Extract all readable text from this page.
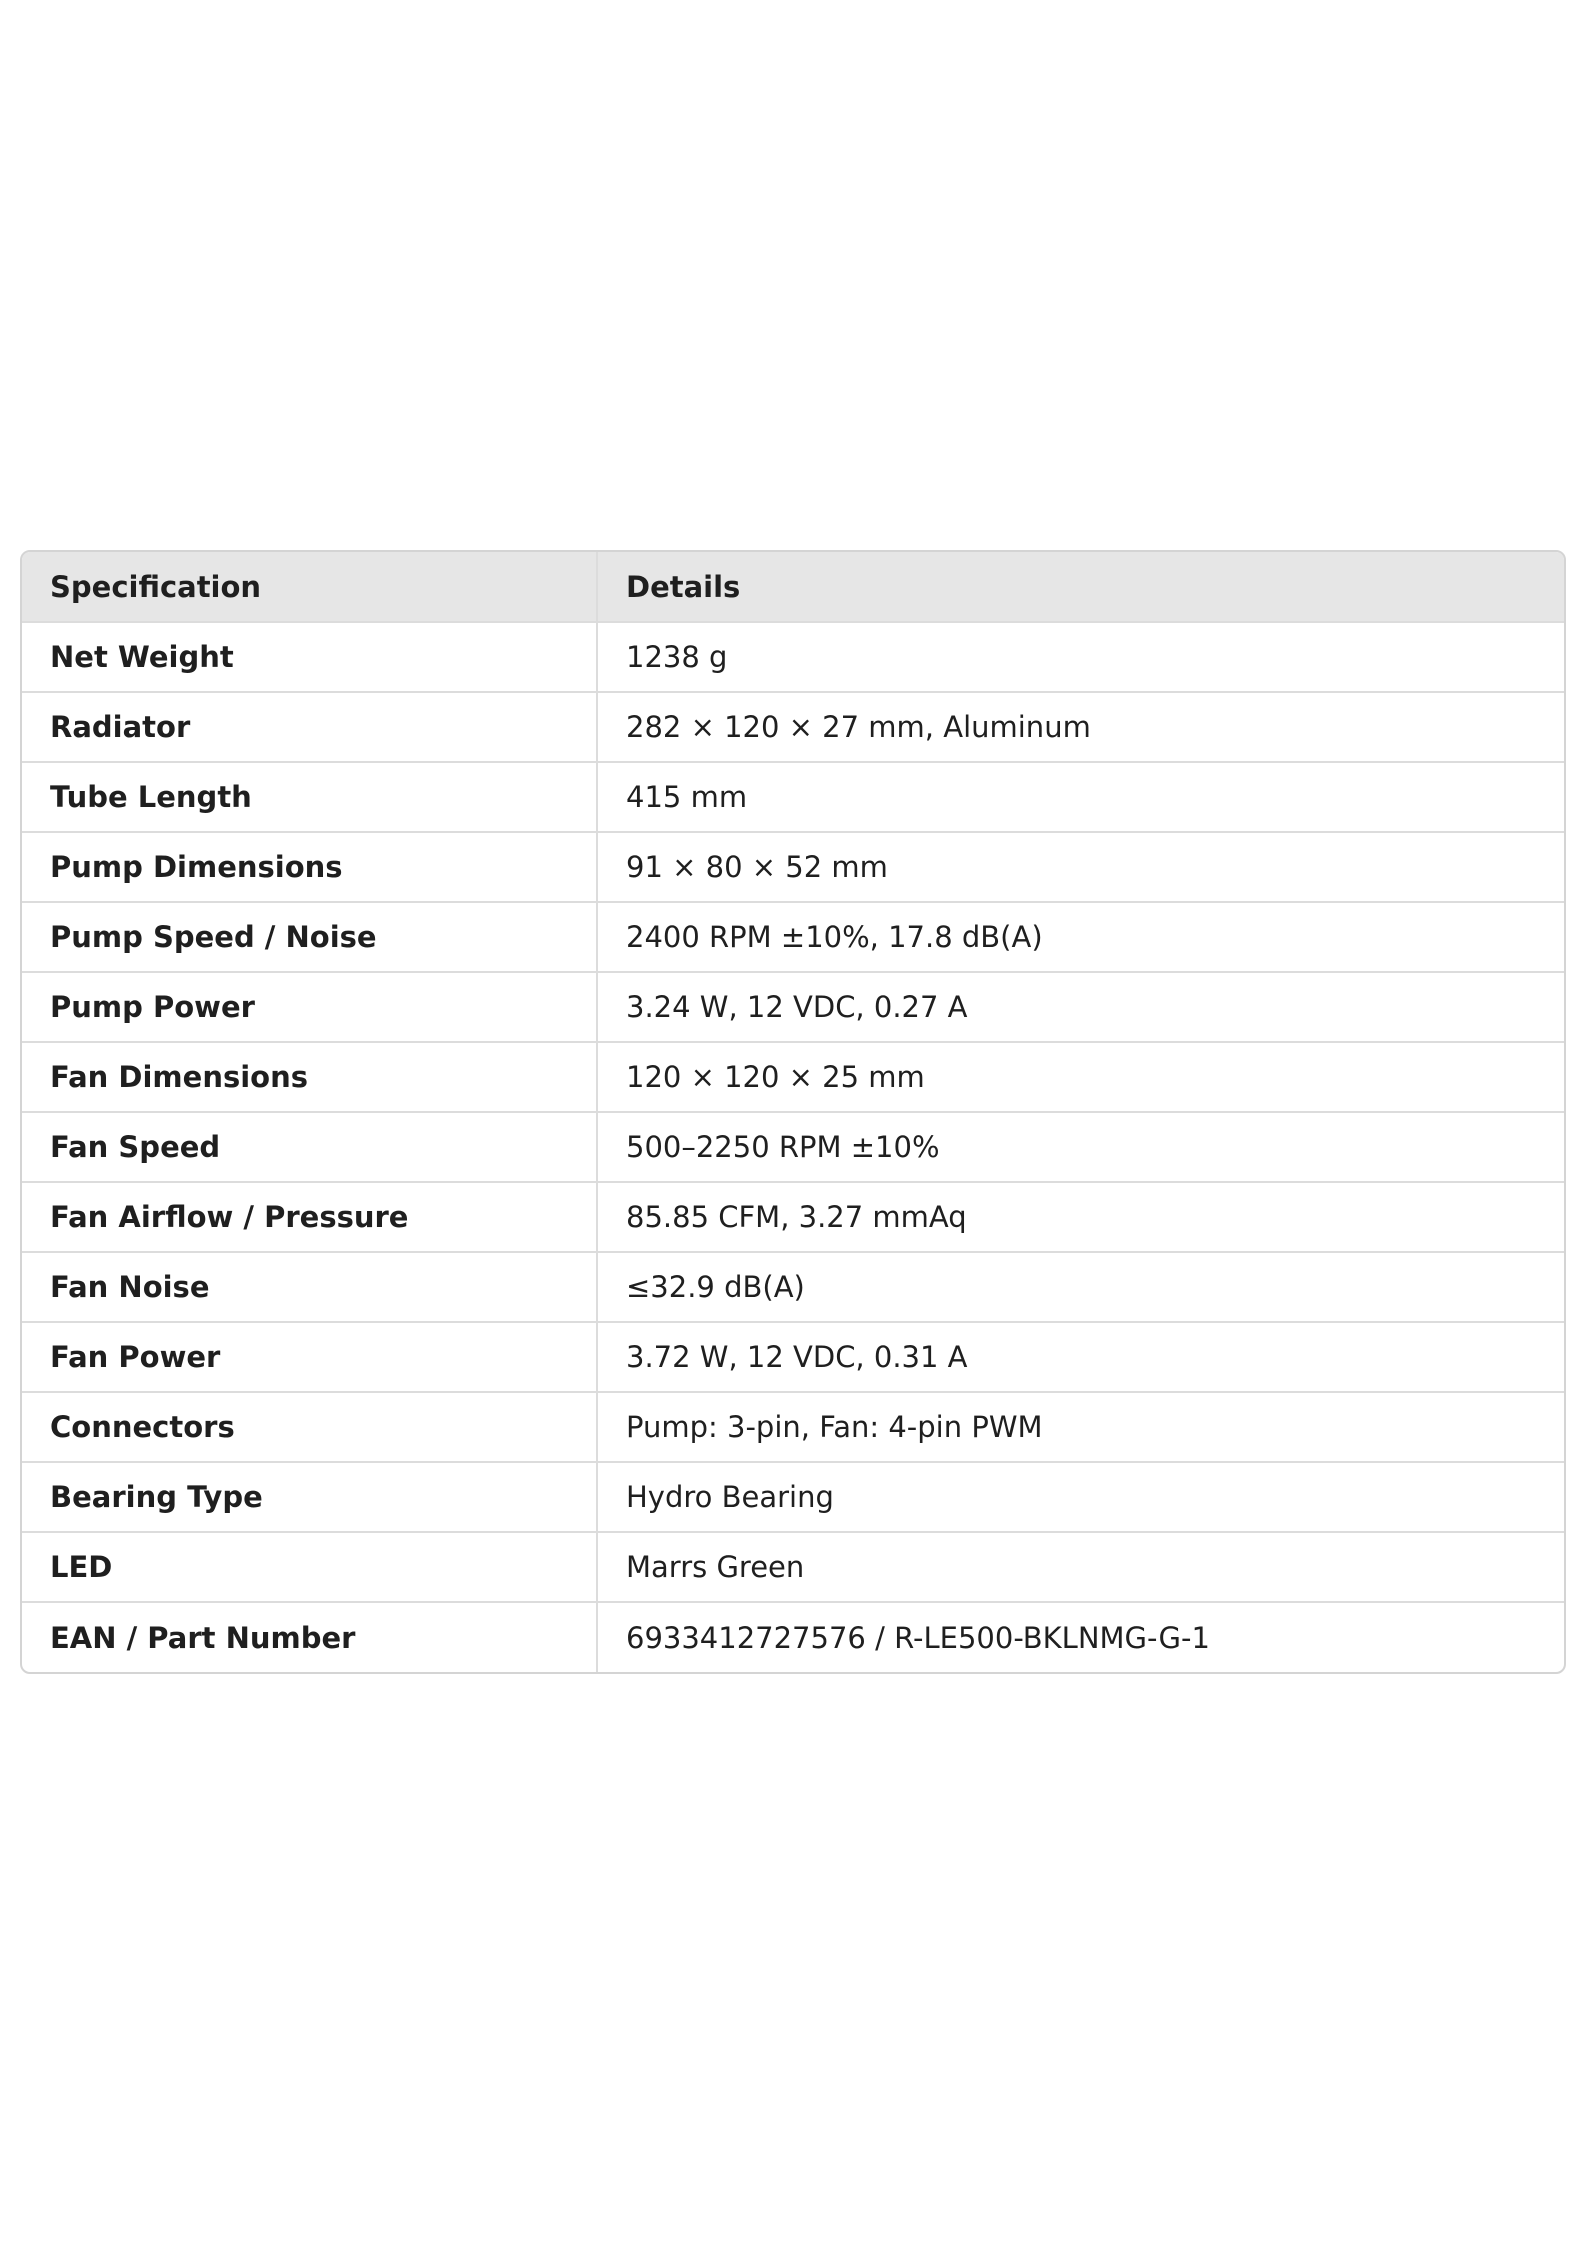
Specification	Details
Net Weight	1238 g
Radiator	282 × 120 × 27 mm, Aluminum
Tube Length	415 mm
Pump Dimensions	91 × 80 × 52 mm
Pump Speed / Noise	2400 RPM ±10%, 17.8 dB(A)
Pump Power	3.24 W, 12 VDC, 0.27 A
Fan Dimensions	120 × 120 × 25 mm
Fan Speed	500–2250 RPM ±10%
Fan Airflow / Pressure	85.85 CFM, 3.27 mmAq
Fan Noise	≤32.9 dB(A)
Fan Power	3.72 W, 12 VDC, 0.31 A
Connectors	Pump: 3-pin, Fan: 4-pin PWM
Bearing Type	Hydro Bearing
LED	Marrs Green
EAN / Part Number	6933412727576 / R-LE500-BKLNMG-G-1
